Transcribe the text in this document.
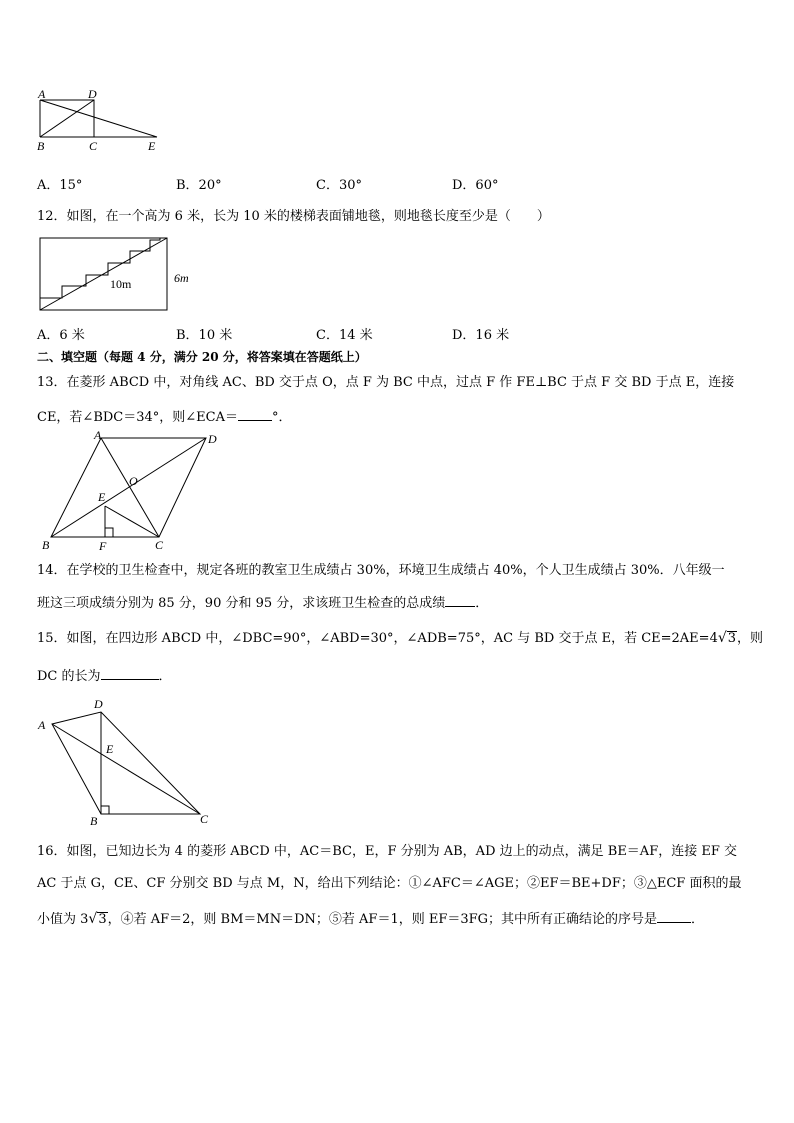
A	D
B	C	E
A．15°	B．20°	C．30°	D．60°
12．如图，在一个高为 6 米，长为 10 米的楼梯表面铺地毯，则地毯长度至少是（　　）
10m	6m
A．6 米	B．10 米	C．14 米	D．16 米
二、填空题（每题 4 分，满分 20 分，将答案填在答题纸上）
13．在菱形 ABCD 中，对角线 AC、BD 交于点 O，点 F 为 BC 中点，过点 F 作 FE⊥BC 于点 F 交 BD 于点 E，连接
CE，若∠BDC＝34°，则∠ECA＝	°．
A	D
O
E
B	F	C
14．在学校的卫生检查中，规定各班的教室卫生成绩占 30%，环境卫生成绩占 40%，个人卫生成绩占 30%．八年级一
班这三项成绩分别为 85 分，90 分和 95 分，求该班卫生检查的总成绩 ．
15．如图，在四边形 ABCD 中，∠DBC=90°，∠ABD=30°，∠ADB=75°，AC 与 BD 交于点 E，若 CE=2AE=4√3，则
DC 的长为	．
A
D
E
B	C
16．如图，已知边长为 4 的菱形 ABCD 中，AC＝BC，E，F 分别为 AB，AD 边上的动点，满足 BE＝AF，连接 EF 交
AC 于点 G，CE、CF 分别交 BD 与点 M，N，给出下列结论：①∠AFC＝∠AGE；②EF＝BE+DF；③△ECF 面积的最
小值为 3√3，④若 AF＝2，则 BM＝MN＝DN；⑤若 AF＝1，则 EF＝3FG；其中所有正确结论的序号是	．
